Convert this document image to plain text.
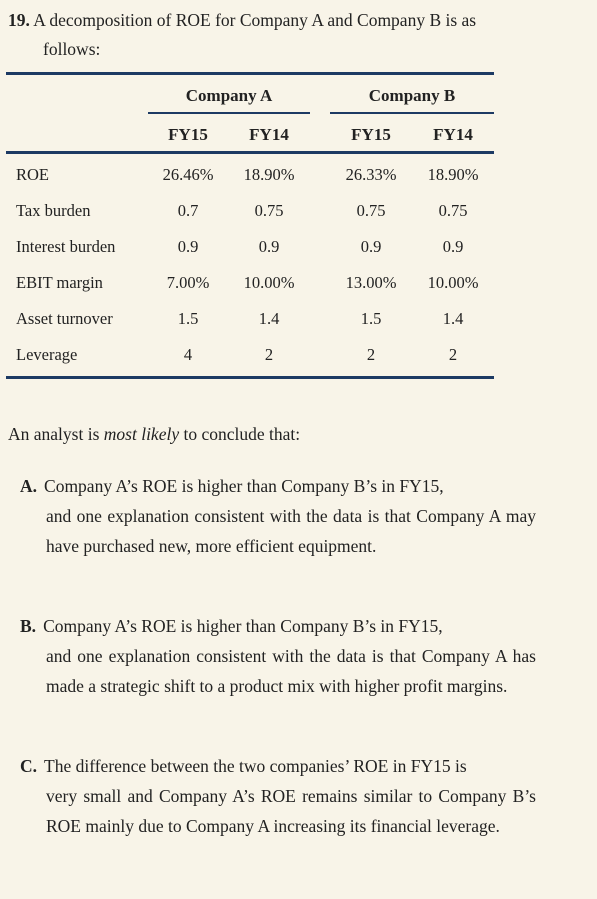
19. A decomposition of ROE for Company A and Company B is as
follows:
Company A	Company B
FY15 FY14	FY15 FY14
ROE	26.46% 18.90%	26.33% 18.90%
Tax burden	0.7	0.75	0.75	0.75
Interest burden	0.9	0.9	0.9	0.9
EBIT margin	7.00% 10.00%	13.00% 10.00%
Asset turnover	1.5	1.4	1.5	1.4
Leverage	4	2	2	2
An analyst is most likely to conclude that:
A. Company A’s ROE is higher than Company B’s in FY15,
and one explanation consistent with the data is that Company A may have purchased new, more efficient equipment.
B. Company A’s ROE is higher than Company B’s in FY15,
and one explanation consistent with the data is that Company A has made a strategic shift to a product mix with higher profit margins.
C. The difference between the two companies’ ROE in FY15 is
very small and Company A’s ROE remains similar to Company B’s ROE mainly due to Company A increasing its financial leverage.
